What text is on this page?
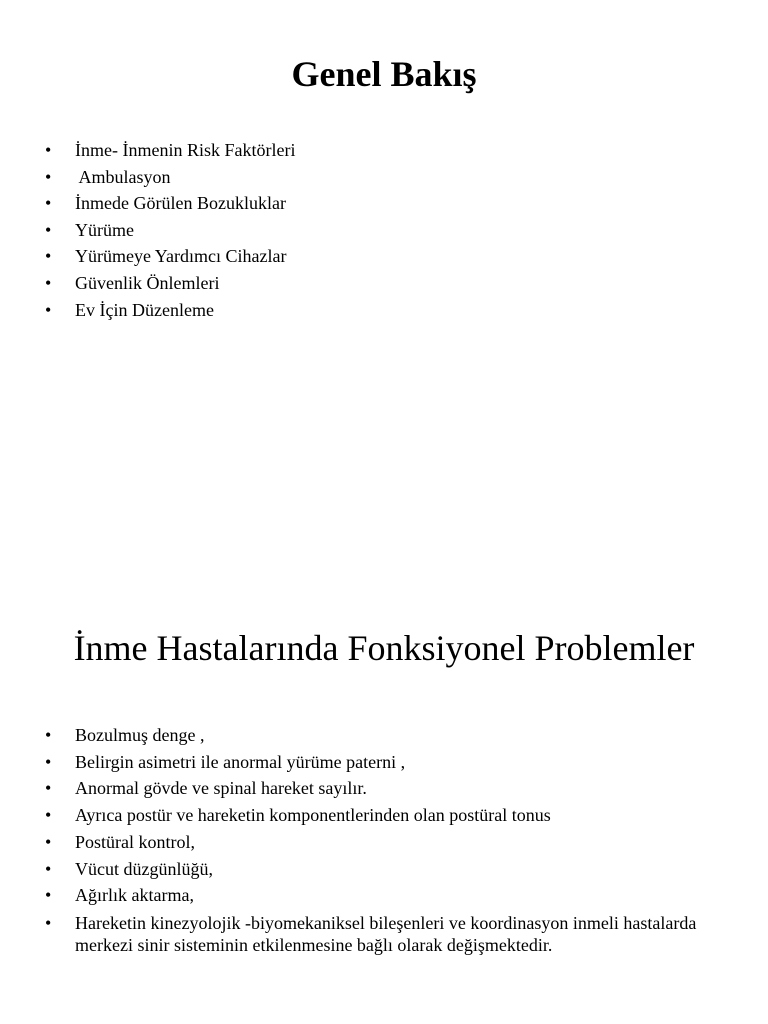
Genel Bakış
• İnme- İnmenin Risk Faktörleri
•  Ambulasyon
• İnmede Görülen Bozukluklar
• Yürüme
• Yürümeye Yardımcı Cihazlar
• Güvenlik Önlemleri
• Ev İçin Düzenleme
İnme Hastalarında Fonksiyonel Problemler
• Bozulmuş denge ,
• Belirgin asimetri ile anormal yürüme paterni ,
• Anormal gövde ve spinal hareket sayılır.
• Ayrıca postür ve hareketin komponentlerinden olan postüral tonus
• Postüral kontrol,
• Vücut düzgünlüğü,
• Ağırlık aktarma,
• Hareketin kinezyolojik -biyomekaniksel bileşenleri ve koordinasyon inmeli hastalarda merkezi sinir sisteminin etkilenmesine bağlı olarak değişmektedir.
